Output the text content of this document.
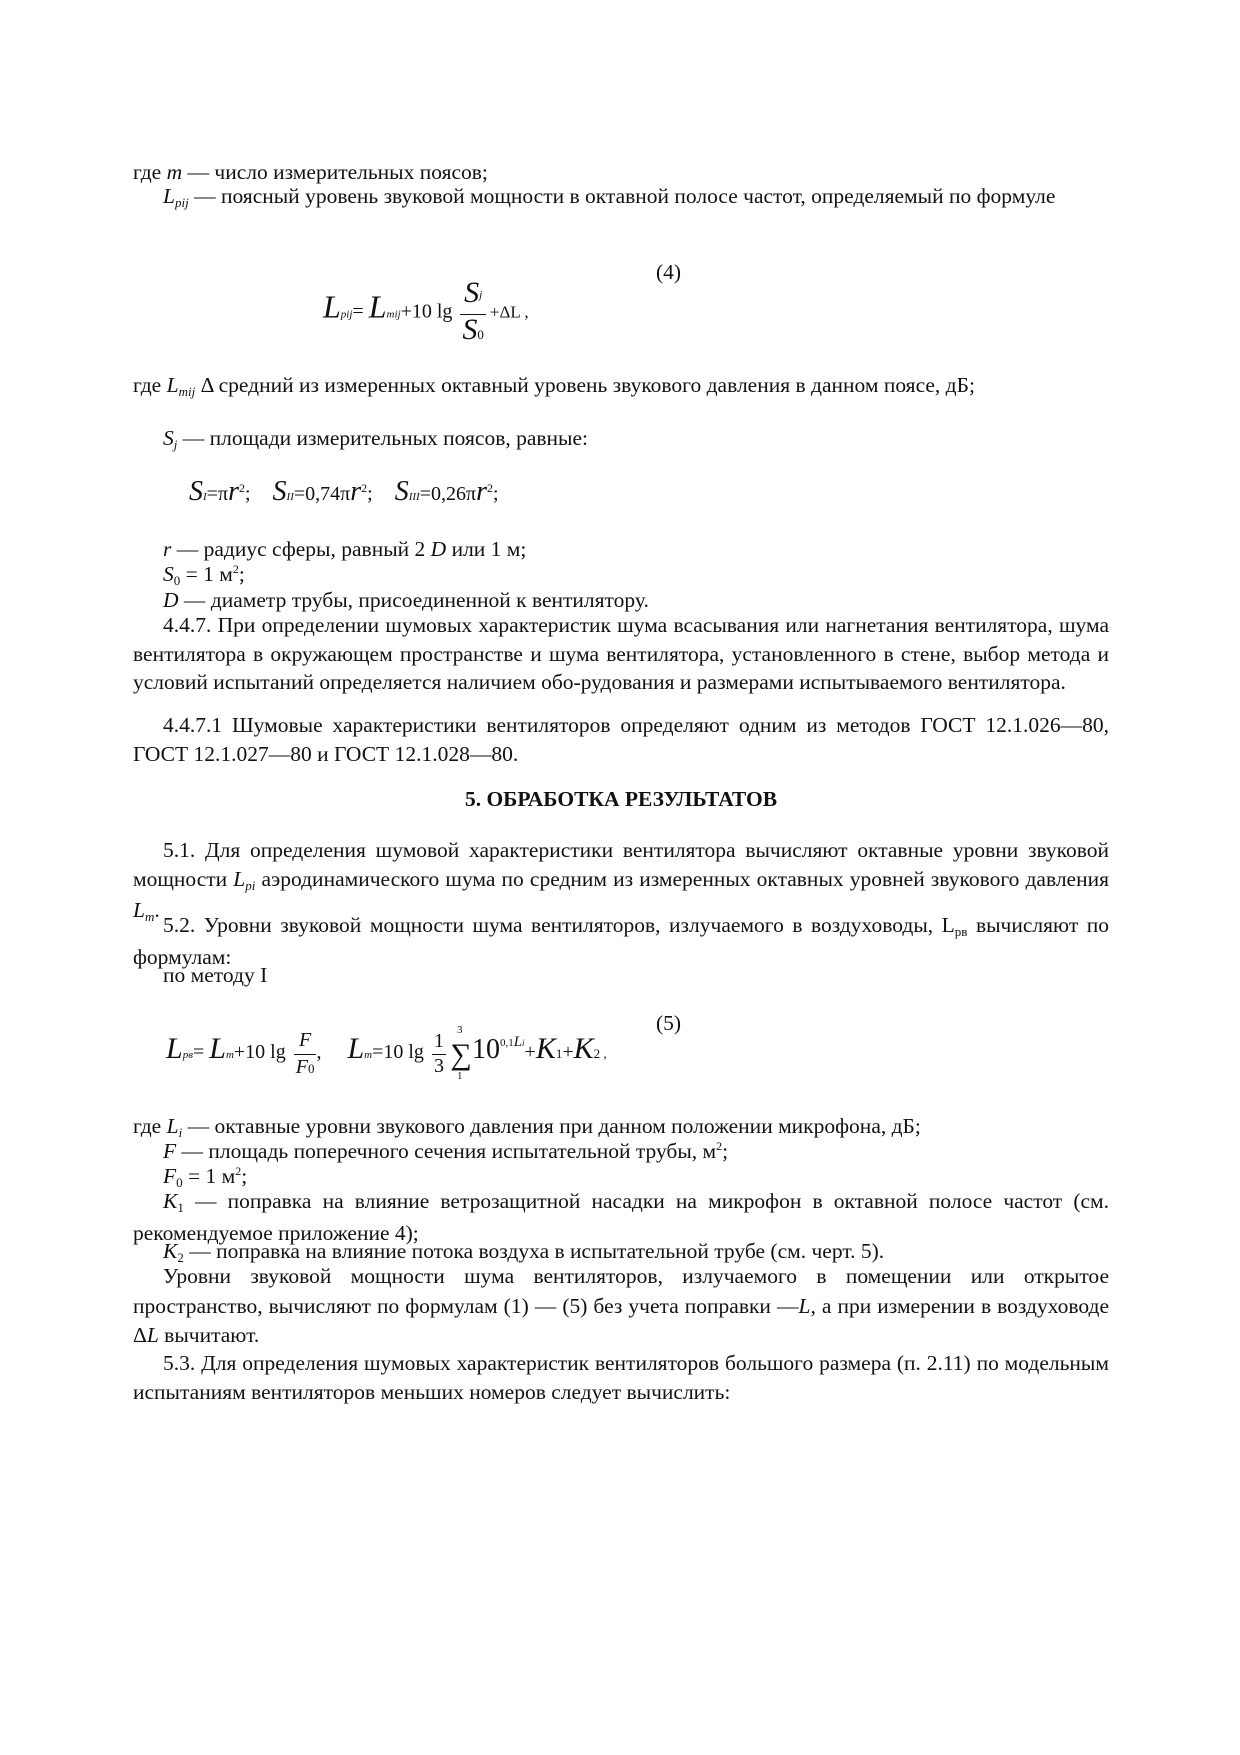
где m — число измерительных поясов;

Lpij — поясный уровень звуковой мощности в октавной полосе частот, определяемый по формуле

(4)
Lpij= Lmij+10 $\lg \frac{S^j}{S0} +\Delta L$ ,

где Lmij Δ средний из измеренных октавный уровень звукового давления в данном поясе, дБ;

Sj — площади измерительных поясов, равные:

$SI=\pi r^2$; $SII=0,74\pi r^2$; $SIII=0,26\pi r^2$;

r — радиус сферы, равный 2 D или 1 м;

S0 = 1 $м^2$;

D — диаметр трубы, присоединенной к вентилятору.

4.4.7. При определении шумовых характеристик шума всасывания или нагнетания вентилятора, шума вентилятора в окружающем пространстве и шума вентилятора, установленного в стене, выбор метода и условий испытаний определяется наличием обо-рудования и размерами испытываемого вентилятора.

4.4.7.1 Шумовые характеристики вентиляторов определяют одним из методов ГОСТ 12.1.026—80, ГОСТ 12.1.027—80 и ГОСТ 12.1.028—80.

5. ОБРАБОТКА РЕЗУЛЬТАТОВ

5.1. Для определения шумовой характеристики вентилятора вычисляют октавные уровни звуковой мощности Lpi аэродинамического шума по средним из измеренных октавных уровней звукового давления Lm.

5.2. Уровни звуковой мощности шума вентиляторов, излучаемого в воздуховоды, Lрв вычисляют по формулам:

по методу I

(5)
Lрв= Lm+10 $\lg \frac{F}{F0}$ , Lm=10 $\lg \frac{1}{3}$

3
∑
1
100,1Li+K1+K2 ,

где Li — октавные уровни звукового давления при данном положении микрофона, дБ;

F — площадь поперечного сечения испытательной трубы, $м^2$;

F0 = 1 $м^2$;

K1 — поправка на влияние ветрозащитной насадки на микрофон в октавной полосе частот (см. рекомендуемое приложение 4);

K2 — поправка на влияние потока воздуха в испытательной трубе (см. черт. 5).

Уровни звуковой мощности шума вентиляторов, излучаемого в помещении или открытое пространство, вычисляют по формулам (1) — (5) без учета поправки —L, а при измерении в воздуховоде ΔL вычитают.

5.3. Для определения шумовых характеристик вентиляторов большого размера (п. 2.11) по модельным испытаниям вентиляторов меньших номеров следует вычислить:
